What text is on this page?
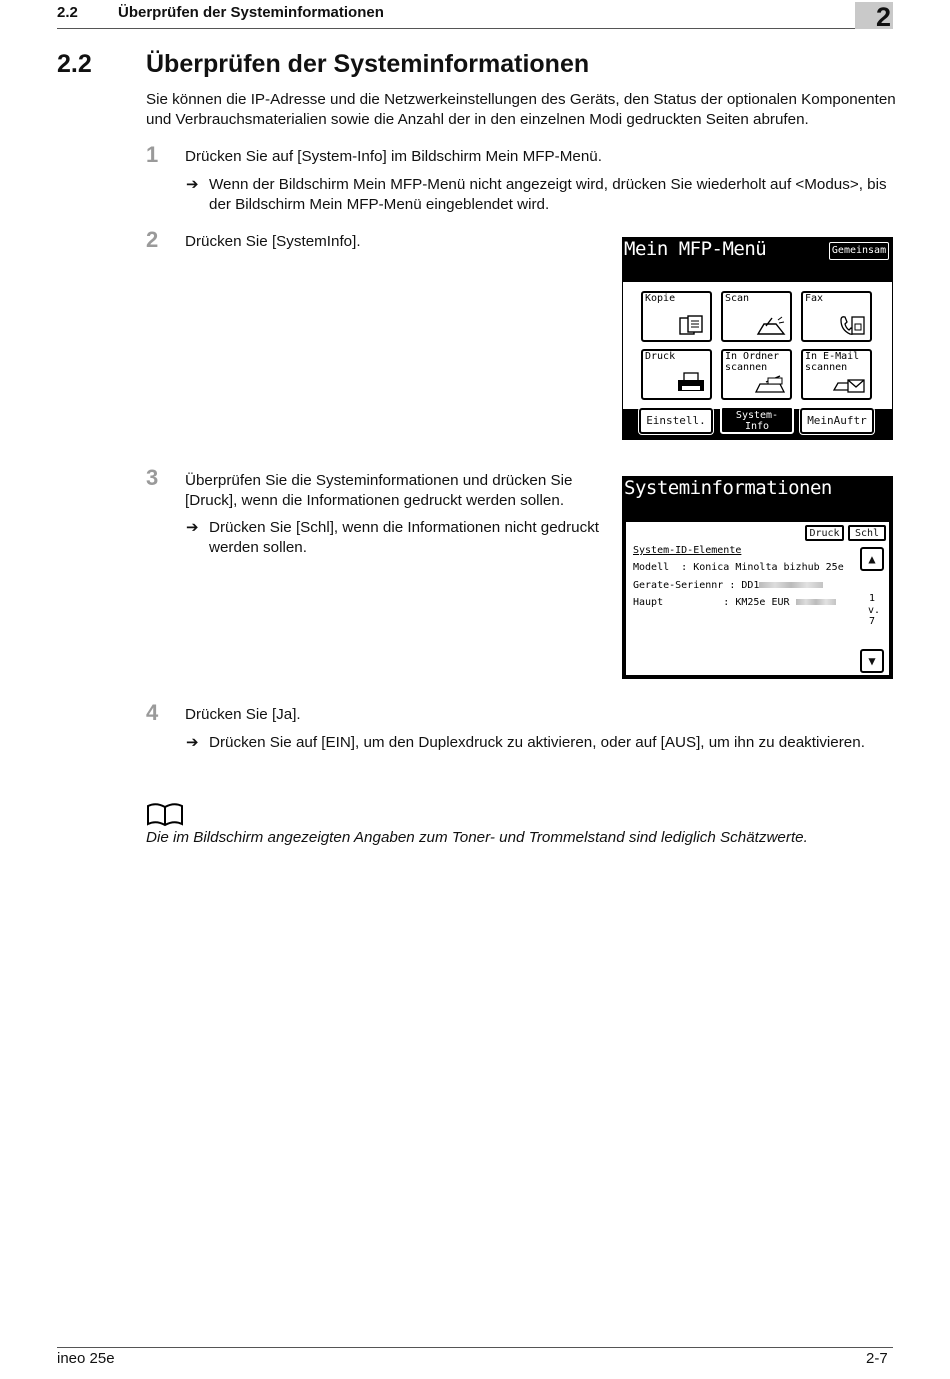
2.2	Überprüfen der Systeminformationen	2
2.2 Überprüfen der Systeminformationen
Sie können die IP-Adresse und die Netzwerkeinstellungen des Geräts, den Status der optionalen Komponenten und Verbrauchsmaterialien sowie die Anzahl der in den einzelnen Modi gedruckten Seiten abrufen.
1 Drücken Sie auf [System-Info] im Bildschirm Mein MFP-Menü.
➔ Wenn der Bildschirm Mein MFP-Menü nicht angezeigt wird, drücken Sie wiederholt auf <Modus>, bis der Bildschirm Mein MFP-Menü eingeblendet wird.
2 Drücken Sie [SystemInfo].	Mein MFP-Menü	Gemeinsam
Kopie	Scan	Fax
Druck	In Ordner
scannen
In E-Mail
scannen
Einstell.	System-
Info	MeinAuftr
3 Überprüfen Sie die Systeminformationen und drücken Sie [Druck], wenn die Informationen gedruckt werden sollen.
➔ Drücken Sie [Schl], wenn die Informationen nicht gedruckt werden sollen.
Systeminformationen
Druck	Schl
System-ID-Elemente
Modell  : Konica Minolta bizhub 25e
Gerate-Seriennr : DD1
Haupt          : KM25e EUR
▲
1
v.
7
▼
4 Drücken Sie [Ja].
➔ Drücken Sie auf [EIN], um den Duplexdruck zu aktivieren, oder auf [AUS], um ihn zu deaktivieren.
Die im Bildschirm angezeigten Angaben zum Toner- und Trommelstand sind lediglich Schätzwerte.
ineo 25e	2-7
